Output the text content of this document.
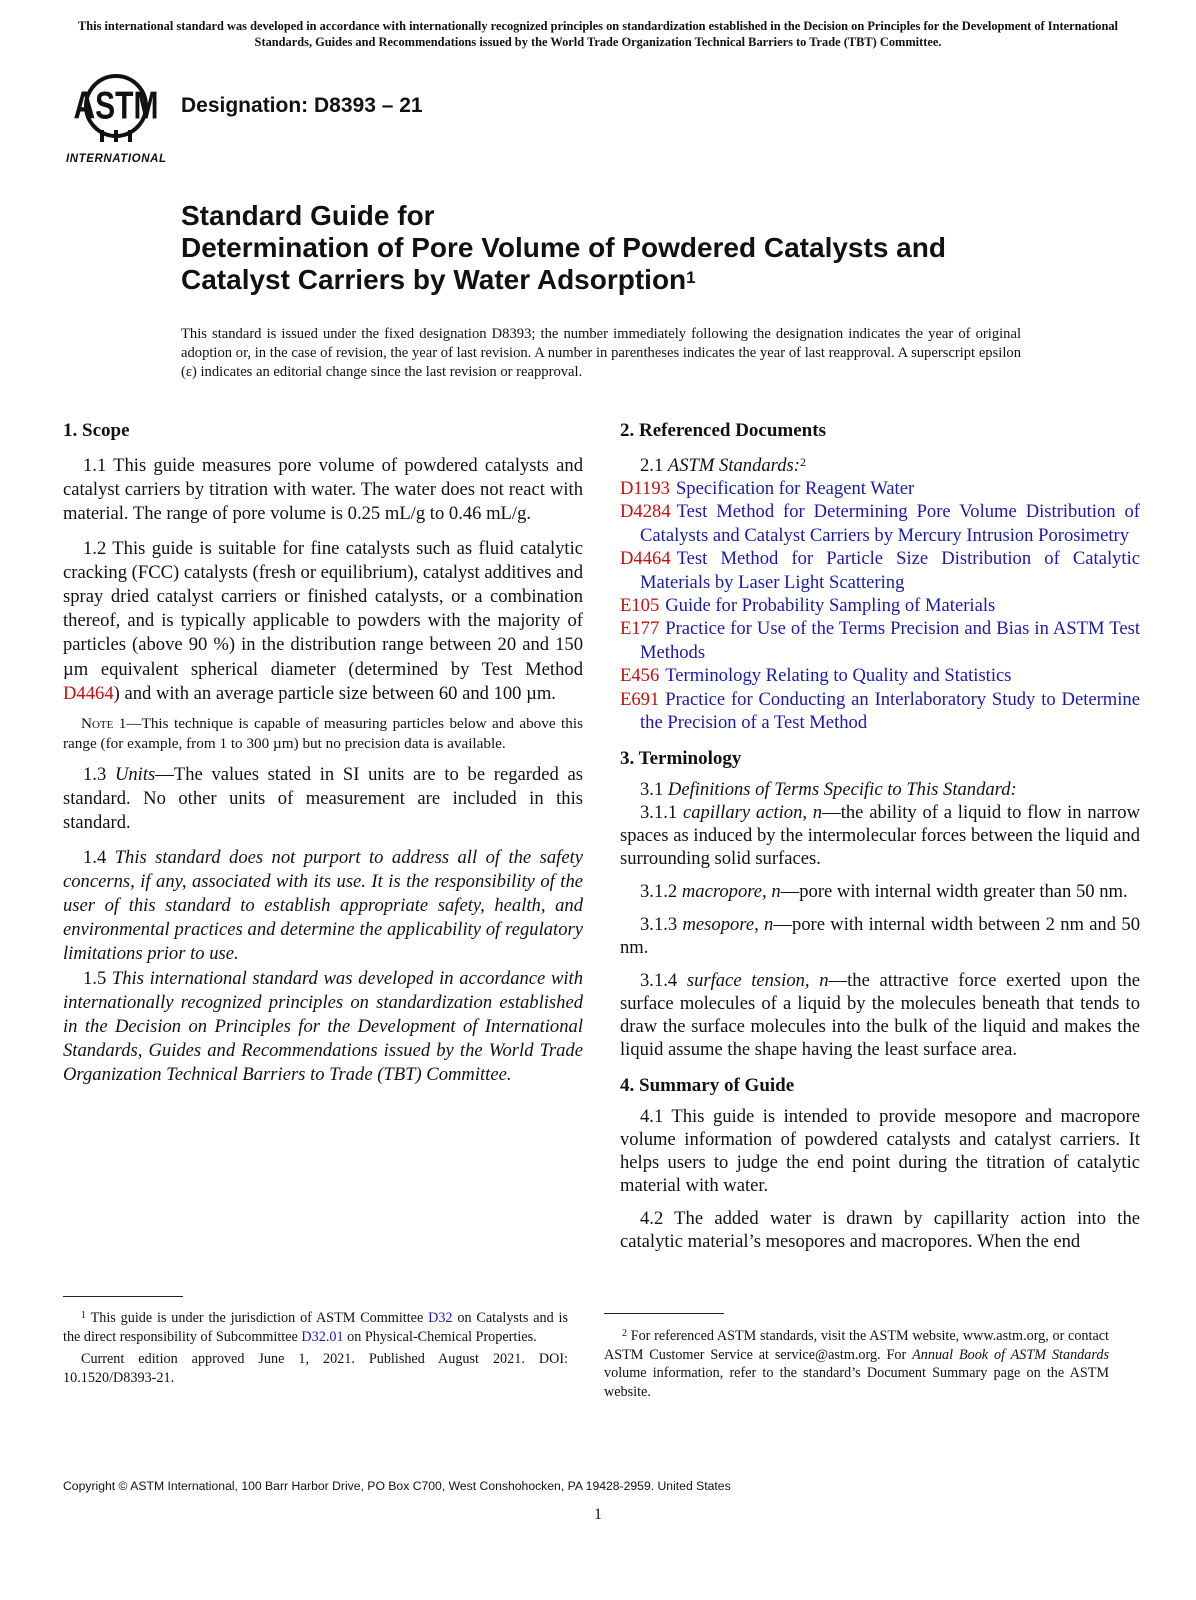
This international standard was developed in accordance with internationally recognized principles on standardization established in the Decision on Principles for the Development of International Standards, Guides and Recommendations issued by the World Trade Organization Technical Barriers to Trade (TBT) Committee.
ASTM
INTERNATIONAL
Designation: D8393 – 21
Standard Guide for
Determination of Pore Volume of Powdered Catalysts and
Catalyst Carriers by Water Adsorption$^1$
This standard is issued under the fixed designation D8393; the number immediately following the designation indicates the year of original adoption or, in the case of revision, the year of last revision. A number in parentheses indicates the year of last reapproval. A superscript epsilon (ε) indicates an editorial change since the last revision or reapproval.
1. Scope

1.1 This guide measures pore volume of powdered catalysts and catalyst carriers by titration with water. The water does not react with material. The range of pore volume is 0.25 mL/g to 0.46 mL/g.

1.2 This guide is suitable for fine catalysts such as fluid catalytic cracking (FCC) catalysts (fresh or equilibrium), catalyst additives and spray dried catalyst carriers or finished catalysts, or a combination thereof, and is typically applicable to powders with the majority of particles (above 90 %) in the distribution range between 20 and 150 µm equivalent spherical diameter (determined by Test Method D4464) and with an average particle size between 60 and 100 µm.

Note 1—This technique is capable of measuring particles below and above this range (for example, from 1 to 300 µm) but no precision data is available.

1.3 Units—The values stated in SI units are to be regarded as standard. No other units of measurement are included in this standard.

1.4 This standard does not purport to address all of the safety concerns, if any, associated with its use. It is the responsibility of the user of this standard to establish appropriate safety, health, and environmental practices and determine the applicability of regulatory limitations prior to use.

1.5 This international standard was developed in accordance with internationally recognized principles on standardization established in the Decision on Principles for the Development of International Standards, Guides and Recommendations issued by the World Trade Organization Technical Barriers to Trade (TBT) Committee.

2. Referenced Documents

2.1 ASTM Standards:$^2$

D1193 Specification for Reagent Water
D4284 Test Method for Determining Pore Volume Distribution of Catalysts and Catalyst Carriers by Mercury Intrusion Porosimetry
D4464 Test Method for Particle Size Distribution of Catalytic Materials by Laser Light Scattering
E105 Guide for Probability Sampling of Materials
E177 Practice for Use of the Terms Precision and Bias in ASTM Test Methods
E456 Terminology Relating to Quality and Statistics
E691 Practice for Conducting an Interlaboratory Study to Determine the Precision of a Test Method
3. Terminology

3.1 Definitions of Terms Specific to This Standard:

3.1.1 capillary action, n—the ability of a liquid to flow in narrow spaces as induced by the intermolecular forces between the liquid and surrounding solid surfaces.

3.1.2 macropore, n—pore with internal width greater than 50 nm.

3.1.3 mesopore, n—pore with internal width between 2 nm and 50 nm.

3.1.4 surface tension, n—the attractive force exerted upon the surface molecules of a liquid by the molecules beneath that tends to draw the surface molecules into the bulk of the liquid and makes the liquid assume the shape having the least surface area.

4. Summary of Guide

4.1 This guide is intended to provide mesopore and macropore volume information of powdered catalysts and catalyst carriers. It helps users to judge the end point during the titration of catalytic material with water.

4.2 The added water is drawn by capillarity action into the catalytic material’s mesopores and macropores. When the end

$^1$ This guide is under the jurisdiction of ASTM Committee D32 on Catalysts and is the direct responsibility of Subcommittee D32.01 on Physical-Chemical Properties.
Current edition approved June 1, 2021. Published August 2021. DOI: 10.1520/D8393-21.
$^2$ For referenced ASTM standards, visit the ASTM website, www.astm.org, or contact ASTM Customer Service at service@astm.org. For Annual Book of ASTM Standards volume information, refer to the standard’s Document Summary page on the ASTM website.
Copyright © ASTM International, 100 Barr Harbor Drive, PO Box C700, West Conshohocken, PA 19428-2959. United States
1
